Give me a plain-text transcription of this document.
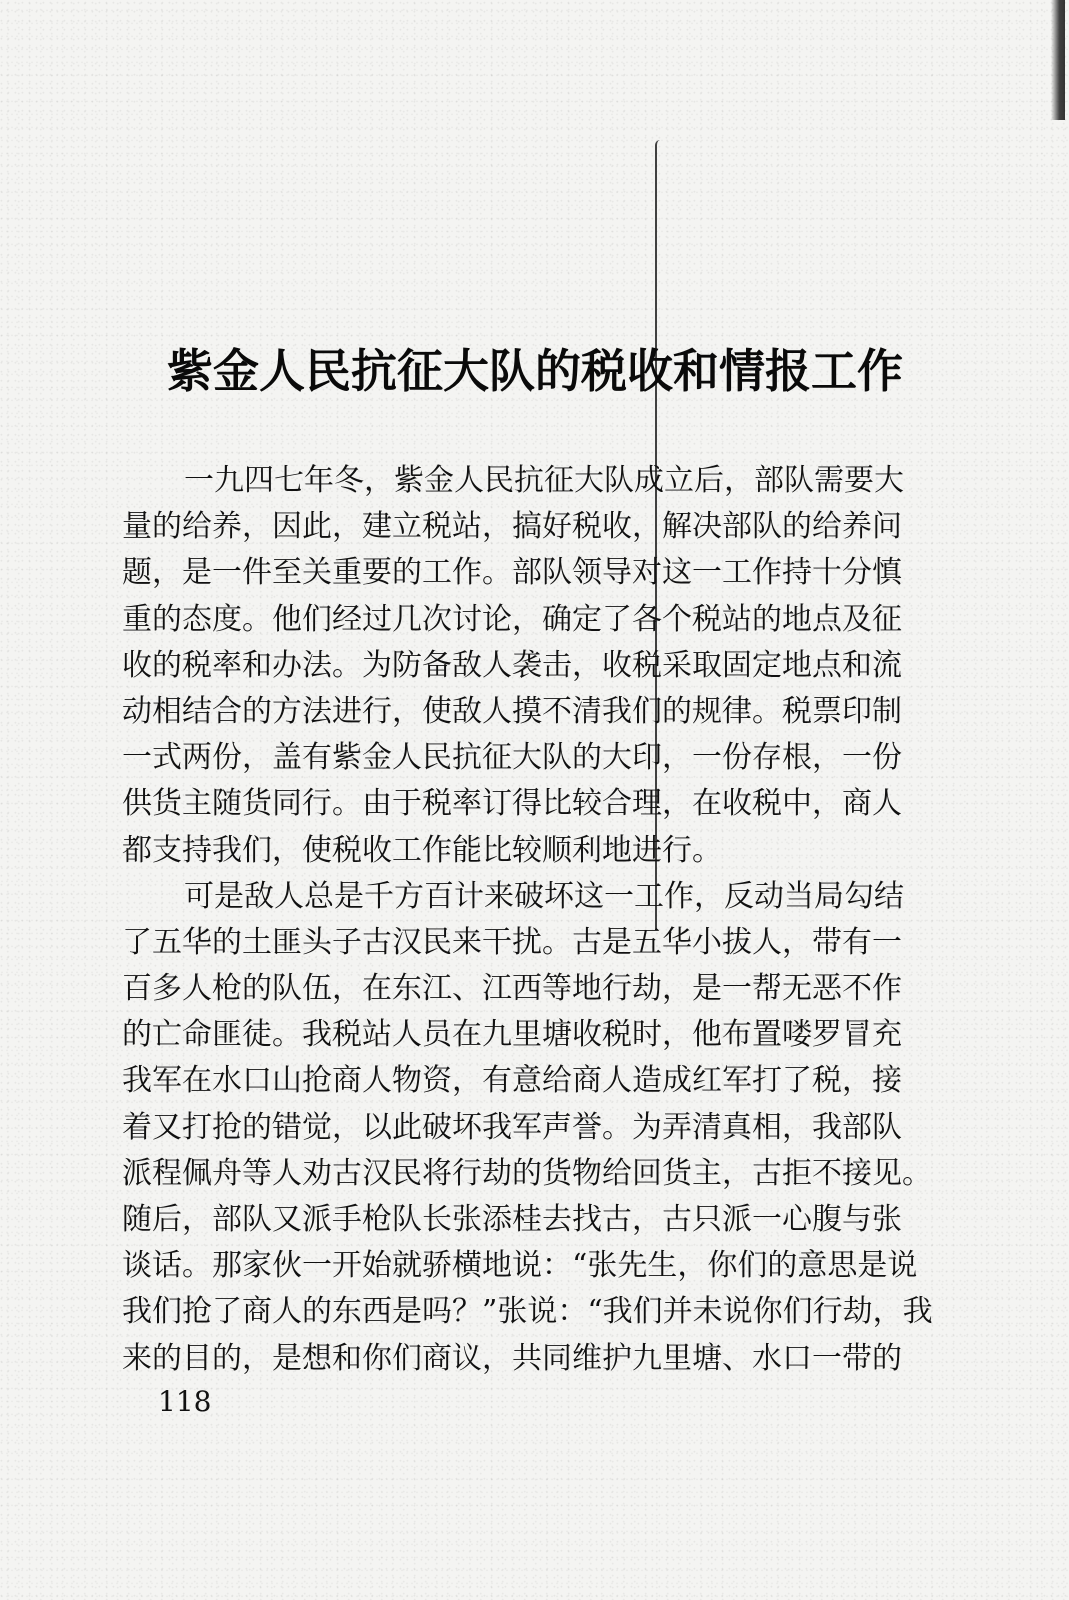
紫金人民抗征大队的税收和情报工作
一九四七年冬，紫金人民抗征大队成立后，部队需要大
量的给养，因此，建立税站，搞好税收，解决部队的给养问
题，是一件至关重要的工作。部队领导对这一工作持十分慎
重的态度。他们经过几次讨论，确定了各个税站的地点及征
收的税率和办法。为防备敌人袭击，收税采取固定地点和流
动相结合的方法进行，使敌人摸不清我们的规律。税票印制
一式两份，盖有紫金人民抗征大队的大印，一份存根，一份
供货主随货同行。由于税率订得比较合理，在收税中，商人
都支持我们，使税收工作能比较顺利地进行。
可是敌人总是千方百计来破坏这一工作，反动当局勾结
了五华的土匪头子古汉民来干扰。古是五华小拔人，带有一
百多人枪的队伍，在东江、江西等地行劫，是一帮无恶不作
的亡命匪徒。我税站人员在九里塘收税时，他布置喽罗冒充
我军在水口山抢商人物资，有意给商人造成红军打了税，接
着又打抢的错觉，以此破坏我军声誉。为弄清真相，我部队
派程佩舟等人劝古汉民将行劫的货物给回货主，古拒不接见。
随后，部队又派手枪队长张添桂去找古，古只派一心腹与张
谈话。那家伙一开始就骄横地说：“张先生，你们的意思是说
我们抢了商人的东西是吗？”张说：“我们并未说你们行劫，我
来的目的，是想和你们商议，共同维护九里塘、水口一带的
118
